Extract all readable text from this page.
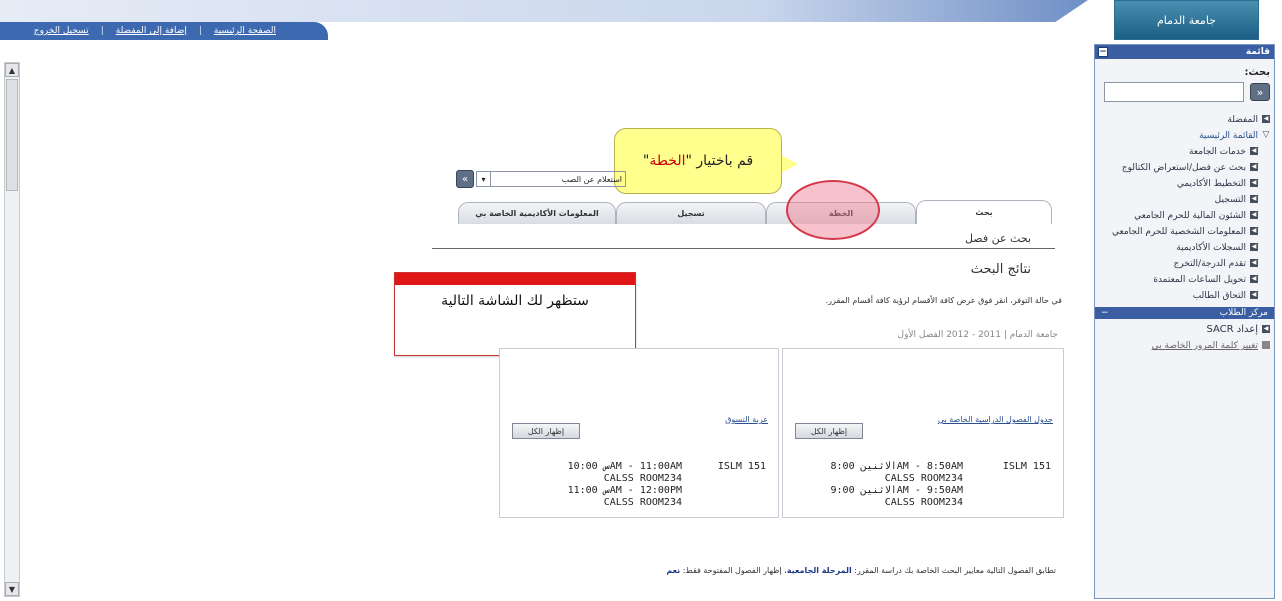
الصفحة الرئيسية
|
إضافة إلى المفضلة
|
تسجيل الخروج
جامعة الدمام
▲
▼
قائمة
−
بحث:
«
◀
المفضلة
▽
القائمة الرئيسية
◀
خدمات الجامعة
◀
بحث عن فصل/استعراض الكتالوج
◀
التخطيط الأكاديمي
◀
التسجيل
◀
الشئون المالية للحرم الجامعي
◀
المعلومات الشخصية للحرم الجامعي
◀
السجلات الأكاديمية
◀
تقدم الدرجة/التخرج
◀
تحويل الساعات المعتمدة
◀
التحاق الطالب
مركز الطلاب
−
◀
إعداد SACR
تغيير كلمة المرور الخاصة بي
قم باختيار "
الخطة
"
«	▾	استعلام عن الصب
بحث
الخطة
تسجيل
المعلومات الأكاديمية الخاصة بي
بحث عن فصل
نتائج البحث
في حالة التوفر، انقر فوق عرض كافة الأقسام لرؤية كافة أقسام المقرر.
جامعة الدمام | 2011 - 2012 الفصل الأول
ستظهر لك الشاشة التالية
جدول الفصول الدراسية الخاصة بي
إظهار الكل
ISLM 151
الاثنين 8:00AM - 8:50AM
CALSS ROOM234
الاثنين 9:00AM - 9:50AM
CALSS ROOM234
عربة التسوق
إظهار الكل
ISLM 151
س 10:00AM - 11:00AM
CALSS ROOM234
س 11:00AM - 12:00PM
CALSS ROOM234
تطابق الفصول التالية معايير البحث الخاصة بك دراسة المقرر: المرحلة الجامعية، إظهار الفصول المفتوحة فقط: نعم
